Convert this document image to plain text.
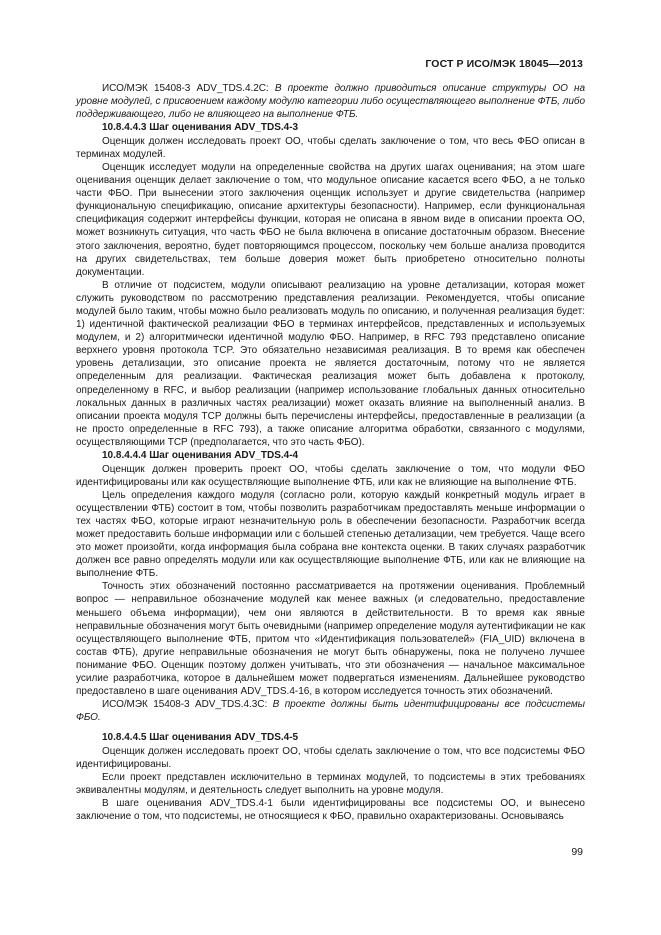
ГОСТ Р ИСО/МЭК 18045—2013

ИСО/МЭК 15408-3 ADV_TDS.4.2С: В проекте должно приводиться описание структуры ОО на уровне модулей, с присвоением каждому модулю категории либо осуществляющего выполнение ФТБ, либо поддерживающего, либо не влияющего на выполнение ФТБ.

10.8.4.4.3 Шаг оценивания ADV_TDS.4-3

Оценщик должен исследовать проект ОО, чтобы сделать заключение о том, что весь ФБО описан в терминах модулей.

Оценщик исследует модули на определенные свойства на других шагах оценивания; на этом шаге оценивания оценщик делает заключение о том, что модульное описание касается всего ФБО, а не только части ФБО. При вынесении этого заключения оценщик использует и другие свидетельства (например функциональную спецификацию, описание архитектуры безопасности). Например, если функциональная спецификация содержит интерфейсы функции, которая не описана в явном виде в описании проекта ОО, может возникнуть ситуация, что часть ФБО не была включена в описание достаточным образом. Внесение этого заключения, вероятно, будет повторяющимся процессом, поскольку чем больше анализа проводится на других свидетельствах, тем больше доверия может быть приобретено относительно полноты документации.

В отличие от подсистем, модули описывают реализацию на уровне детализации, которая может служить руководством по рассмотрению представления реализации. Рекомендуется, чтобы описание модулей было таким, чтобы можно было реализовать модуль по описанию, и полученная реализация будет: 1) идентичной фактической реализации ФБО в терминах интерфейсов, представленных и используемых модулем, и 2) алгоритмически идентичной модулю ФБО. Например, в RFC 793 представлено описание верхнего уровня протокола TCP. Это обязательно независимая реализация. В то время как обеспечен уровень детализации, это описание проекта не является достаточным, потому что не является определенным для реализации. Фактическая реализация может быть добавлена к протоколу, определенному в RFC, и выбор реализации (например использование глобальных данных относительно локальных данных в различных частях реализации) может оказать влияние на выполненный анализ. В описании проекта модуля TCP должны быть перечислены интерфейсы, предоставленные в реализации (а не просто определенные в RFC 793), а также описание алгоритма обработки, связанного с модулями, осуществляющими TCP (предполагается, что это часть ФБО).

10.8.4.4.4 Шаг оценивания ADV_TDS.4-4

Оценщик должен проверить проект ОО, чтобы сделать заключение о том, что модули ФБО идентифицированы или как осуществляющие выполнение ФТБ, или как не влияющие на выполнение ФТБ.

Цель определения каждого модуля (согласно роли, которую каждый конкретный модуль играет в осуществлении ФТБ) состоит в том, чтобы позволить разработчикам предоставлять меньше информации о тех частях ФБО, которые играют незначительную роль в обеспечении безопасности. Разработчик всегда может предоставить больше информации или с большей степенью детализации, чем требуется. Чаще всего это может произойти, когда информация была собрана вне контекста оценки. В таких случаях разработчик должен все равно определять модули или как осуществляющие выполнение ФТБ, или как не влияющие на выполнение ФТБ.

Точность этих обозначений постоянно рассматривается на протяжении оценивания. Проблемный вопрос — неправильное обозначение модулей как менее важных (и следовательно, предоставление меньшего объема информации), чем они являются в действительности. В то время как явные неправильные обозначения могут быть очевидными (например определение модуля аутентификации не как осуществляющего выполнение ФТБ, притом что «Идентификация пользователей» (FIA_UID) включена в состав ФТБ), другие неправильные обозначения не могут быть обнаружены, пока не получено лучшее понимание ФБО. Оценщик поэтому должен учитывать, что эти обозначения — начальное максимальное усилие разработчика, которое в дальнейшем может подвергаться изменениям. Дальнейшее руководство предоставлено в шаге оценивания ADV_TDS.4-16, в котором исследуется точность этих обозначений.

ИСО/МЭК 15408-3 ADV_TDS.4.3С: В проекте должны быть идентифицированы все подсистемы ФБО.

10.8.4.4.5 Шаг оценивания ADV_TDS.4-5

Оценщик должен исследовать проект ОО, чтобы сделать заключение о том, что все подсистемы ФБО идентифицированы.

Если проект представлен исключительно в терминах модулей, то подсистемы в этих требованиях эквивалентны модулям, и деятельность следует выполнить на уровне модуля.

В шаге оценивания ADV_TDS.4-1 были идентифицированы все подсистемы ОО, и вынесено заключение о том, что подсистемы, не относящиеся к ФБО, правильно охарактеризованы. Основываясь

99
